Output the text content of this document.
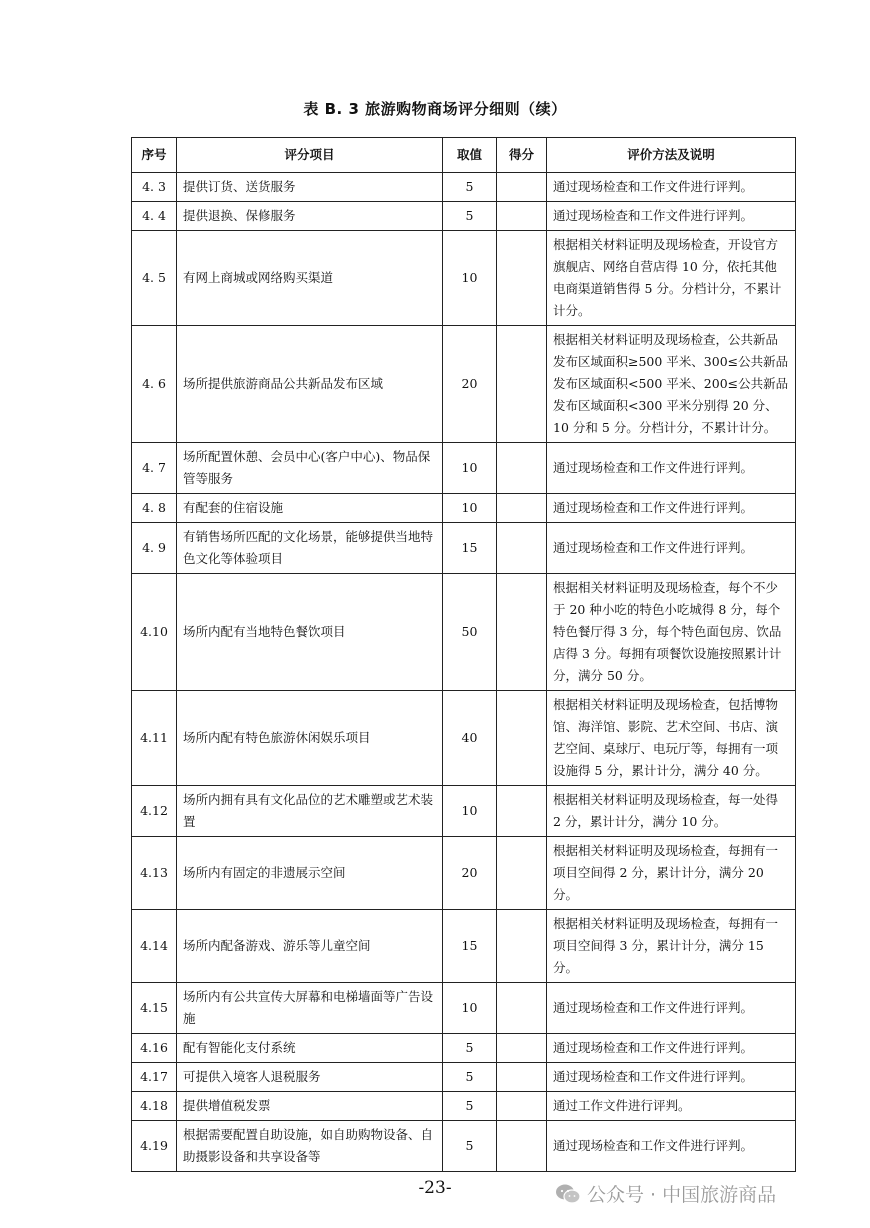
表 B. 3 旅游购物商场评分细则（续）
序号	评分项目	取值	得分	评价方法及说明
4. 3	提供订货、送货服务	5		通过现场检查和工作文件进行评判。
4. 4	提供退换、保修服务	5		通过现场检查和工作文件进行评判。
4. 5	有网上商城或网络购买渠道	10		根据相关材料证明及现场检查，开设官方旗舰店、网络自营店得 10 分，依托其他电商渠道销售得 5 分。分档计分，不累计计分。
4. 6	场所提供旅游商品公共新品发布区域	20		根据相关材料证明及现场检查，公共新品发布区域面积≥500 平米、300≤公共新品发布区域面积<500 平米、200≤公共新品发布区域面积<300 平米分别得 20 分、10 分和 5 分。分档计分，不累计计分。
4. 7	场所配置休憩、会员中心(客户中心)、物品保管等服务	10		通过现场检查和工作文件进行评判。
4. 8	有配套的住宿设施	10		通过现场检查和工作文件进行评判。
4. 9	有销售场所匹配的文化场景，能够提供当地特色文化等体验项目	15		通过现场检查和工作文件进行评判。
4.10	场所内配有当地特色餐饮项目	50		根据相关材料证明及现场检查，每个不少于 20 种小吃的特色小吃城得 8 分，每个特色餐厅得 3 分，每个特色面包房、饮品店得 3 分。每拥有项餐饮设施按照累计计分，满分 50 分。
4.11	场所内配有特色旅游休闲娱乐项目	40		根据相关材料证明及现场检查，包括博物馆、海洋馆、影院、艺术空间、书店、演艺空间、桌球厅、电玩厅等，每拥有一项设施得 5 分，累计计分，满分 40 分。
4.12	场所内拥有具有文化品位的艺术雕塑或艺术装置	10		根据相关材料证明及现场检查，每一处得 2 分，累计计分，满分 10 分。
4.13	场所内有固定的非遗展示空间	20		根据相关材料证明及现场检查，每拥有一项目空间得 2 分，累计计分，满分 20 分。
4.14	场所内配备游戏、游乐等儿童空间	15		根据相关材料证明及现场检查，每拥有一项目空间得 3 分，累计计分，满分 15 分。
4.15	场所内有公共宣传大屏幕和电梯墙面等广告设施	10		通过现场检查和工作文件进行评判。
4.16	配有智能化支付系统	5		通过现场检查和工作文件进行评判。
4.17	可提供入境客人退税服务	5		通过现场检查和工作文件进行评判。
4.18	提供增值税发票	5		通过工作文件进行评判。
4.19	根据需要配置自助设施，如自助购物设备、自助摄影设备和共享设备等	5		通过现场检查和工作文件进行评判。
-23-	公众号 · 中国旅游商品
